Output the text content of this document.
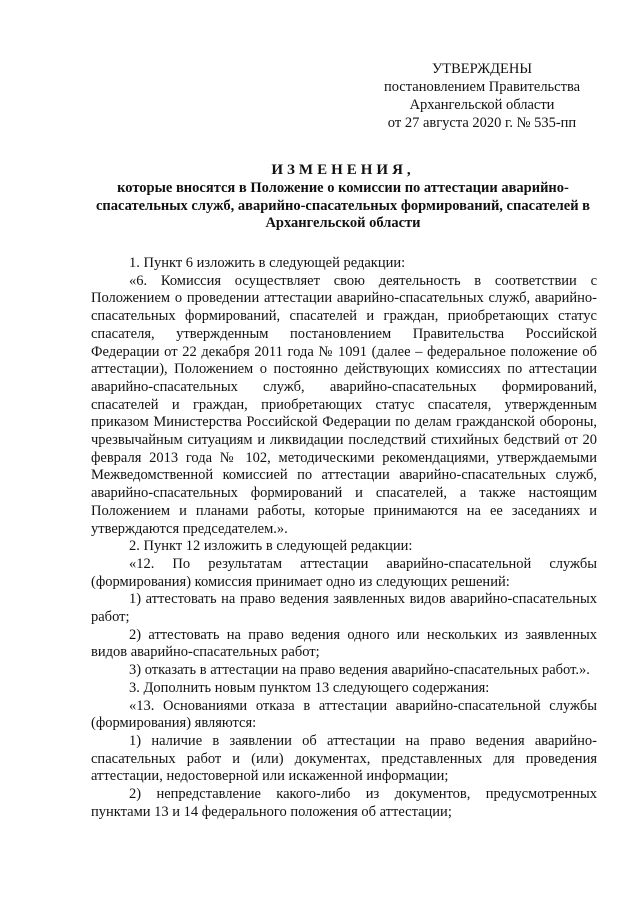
УТВЕРЖДЕНЫ
постановлением Правительства
Архангельской области
от 27 августа 2020 г. № 535-пп
ИЗМЕНЕНИЯ,
которые вносятся в Положение о комиссии по аттестации аварийно-спасательных служб, аварийно-спасательных формирований, спасателей в Архангельской области

1. Пункт 6 изложить в следующей редакции:

«6. Комиссия осуществляет свою деятельность в соответствии с Положением о проведении аттестации аварийно-спасательных служб, аварийно-спасательных формирований, спасателей и граждан, приобретающих статус спасателя, утвержденным постановлением Правительства Российской Федерации от 22 декабря 2011 года № 1091 (далее – федеральное положение об аттестации), Положением о постоянно действующих комиссиях по аттестации аварийно-спасательных служб, аварийно-спасательных формирований, спасателей и граждан, приобретающих статус спасателя, утвержденным приказом Министерства Российской Федерации по делам гражданской обороны, чрезвычайным ситуациям и ликвидации последствий стихийных бедствий от 20 февраля 2013 года № 102, методическими рекомендациями, утверждаемыми Межведомственной комиссией по аттестации аварийно-спасательных служб, аварийно-спасательных формирований и спасателей, а также настоящим Положением и планами работы, которые принимаются на ее заседаниях и утверждаются председателем.».

2. Пункт 12 изложить в следующей редакции:

«12. По результатам аттестации аварийно-спасательной службы (формирования) комиссия принимает одно из следующих решений:

1) аттестовать на право ведения заявленных видов аварийно-спасательных работ;

2) аттестовать на право ведения одного или нескольких из заявленных видов аварийно-спасательных работ;

3) отказать в аттестации на право ведения аварийно-спасательных работ.».

3. Дополнить новым пунктом 13 следующего содержания:

«13. Основаниями отказа в аттестации аварийно-спасательной службы (формирования) являются:

1) наличие в заявлении об аттестации на право ведения аварийно-спасательных работ и (или) документах, представленных для проведения аттестации, недостоверной или искаженной информации;

2) непредставление какого-либо из документов, предусмотренных пунктами 13 и 14 федерального положения об аттестации;
